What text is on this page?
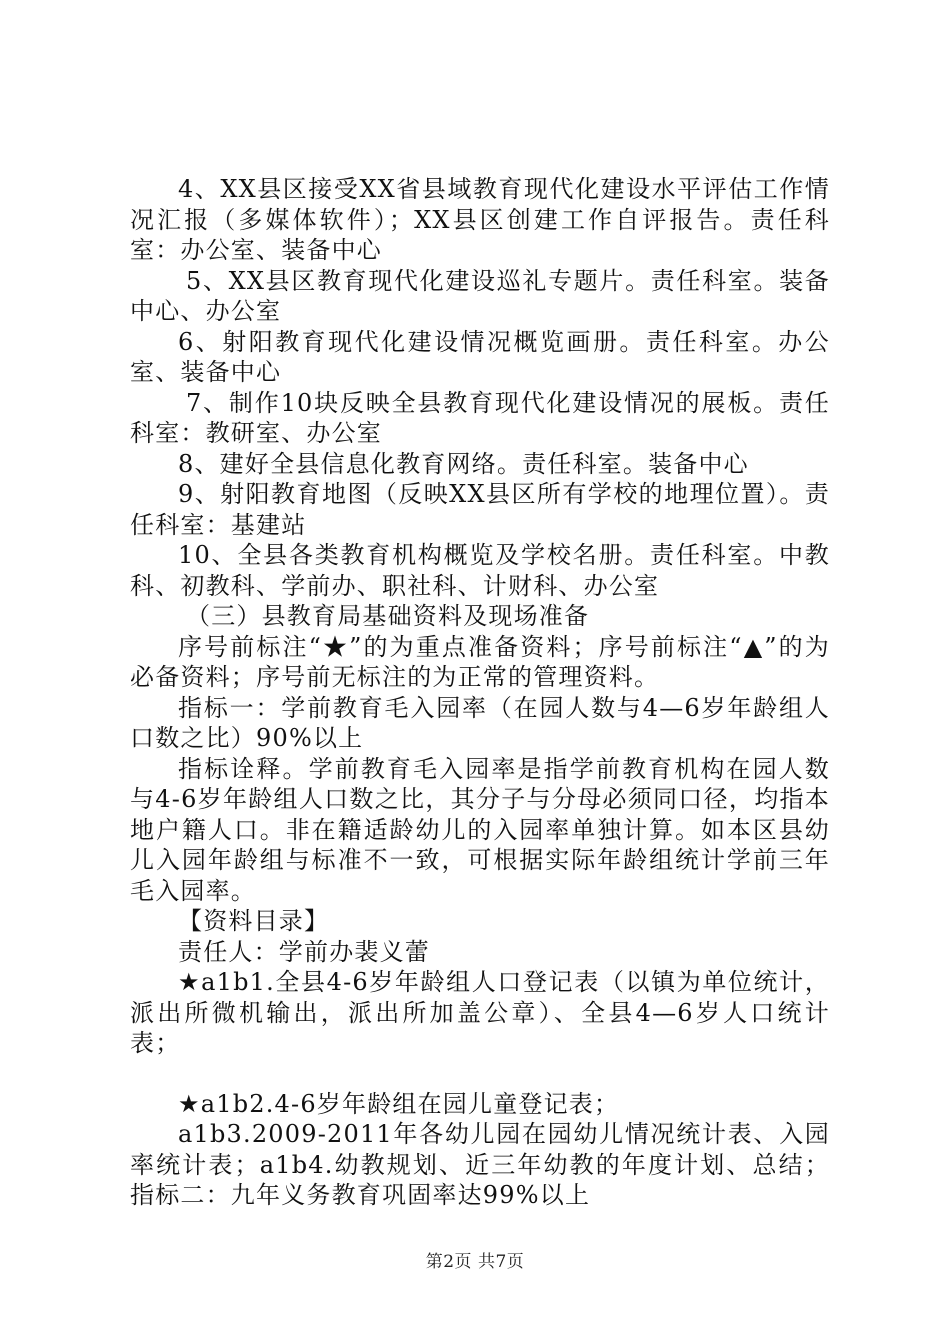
4、XX县区接受XX省县域教育现代化建设水平评估工作情况汇报（多媒体软件）；XX县区创建工作自评报告。责任科室：办公室、装备中心

5、XX县区教育现代化建设巡礼专题片。责任科室。装备中心、办公室

6、射阳教育现代化建设情况概览画册。责任科室。办公室、装备中心

7、制作10块反映全县教育现代化建设情况的展板。责任科室：教研室、办公室

8、建好全县信息化教育网络。责任科室。装备中心

9、射阳教育地图（反映XX县区所有学校的地理位置）。责任科室：基建站

10、全县各类教育机构概览及学校名册。责任科室。中教科、初教科、学前办、职社科、计财科、办公室

（三）县教育局基础资料及现场准备

序号前标注“★”的为重点准备资料；序号前标注“▲”的为必备资料；序号前无标注的为正常的管理资料。

指标一：学前教育毛入园率（在园人数与4—6岁年龄组人口数之比）90%以上

指标诠释。学前教育毛入园率是指学前教育机构在园人数与4-6岁年龄组人口数之比，其分子与分母必须同口径，均指本地户籍人口。非在籍适龄幼儿的入园率单独计算。如本区县幼儿入园年龄组与标准不一致，可根据实际年龄组统计学前三年毛入园率。

【资料目录】

责任人：学前办裴义蕾

★a1b1.全县4-6岁年龄组人口登记表（以镇为单位统计，派出所微机输出，派出所加盖公章）、全县4—6岁人口统计表；

★a1b2.4-6岁年龄组在园儿童登记表；

a1b3.2009-2011年各幼儿园在园幼儿情况统计表、入园率统计表；a1b4.幼教规划、近三年幼教的年度计划、总结；指标二：九年义务教育巩固率达99%以上

第2页 共7页
